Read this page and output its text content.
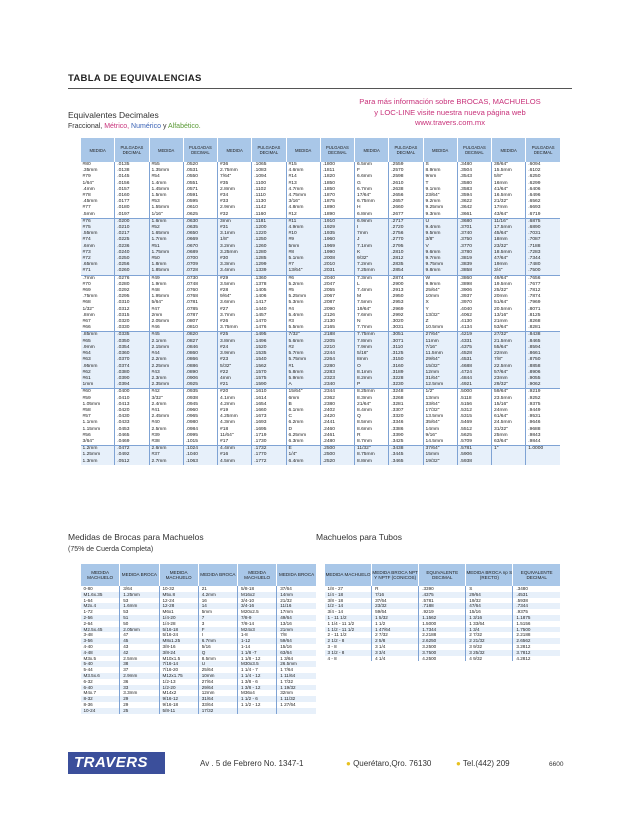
TABLA DE EQUIVALENCIAS
Equivalentes Decimales
Fraccional, Métrico, Numérico y Alfabético.
Para más información sobre BROCAS, MACHUELOS
y LOC-LINE visite nuestra nueva página web
www.travers.com.mx
MEDIDA	PULGADAS DECIMAL	MEDIDA	PULGADAS DECIMAL	MEDIDA	PULGADAS DECIMAL	MEDIDA	PULGADAS DECIMAL	MEDIDA	PULGADAS DECIMAL	MEDIDA	PULGADAS DECIMAL	MEDIDA	PULGADAS DECIMAL
#80	.0135	#55	.0520	#36	.1065	#15	.1800	6.5mm	.2559	S	.3480	39/64"	.6094
.35mm	.0138	1.35mm	.0531	2.75mm	.1083	4.6mm	.1811	F	.2570	8.9mm	.3504	15.5mm	.6102
#79	.0145	#54	.0550	7/64"	.1094	#14	.1820	6.6mm	.2598	9mm	.3543	5/8"	.6250
1/64"	.0156	1.4mm	.0551	#35	.1100	#13	.1850	G	.2610	T	.3580	16mm	.6299
.4mm	.0157	1.45mm	.0571	2.8mm	.1102	4.7mm	.1850	6.7mm	.2638	9.1mm	.3583	41/64"	.6406
#78	.0160	1.5mm	.0591	#34	.1110	4.75mm	.1870	17/64"	.2656	23/64"	.3594	16.5mm	.6496
.45mm	.0177	#53	.0595	#33	.1130	3/16"	.1875	6.75mm	.2657	9.2mm	.3622	21/32"	.6562
#77	.0180	1.55mm	.0610	2.9mm	.1142	4.8mm	.1890	H	.2660	9.25mm	.3642	17mm	.6693
.5mm	.0197	1/16"	.0625	#32	.1160	#12	.1890	6.8mm	.2677	9.3mm	.3661	43/64"	.6719
#76	.0200	1.6mm	.0630	3mm	.1181	#11	.1910	6.9mm	.2717	U	.3680	11/16"	.6875
#75	.0210	#52	.0635	#31	.1200	4.9mm	.1929	I	.2720	9.4mm	.3701	17.5mm	.6890
.55mm	.0217	1.65mm	.0650	3.1mm	.1220	#10	.1935	7mm	.2756	9.5mm	.3740	45/64"	.7031
#74	.0225	1.7mm	.0669	1/8"	.1250	#9	.1960	J	.2770	3/8"	.3750	18mm	.7087
.6mm	.0236	#51	.0670	3.2mm	.1260	5mm	.1969	7.1mm	.2795	V	.3770	23/32"	.7188
#73	.0240	1.75mm	.0689	3.25mm	.1280	#8	.1990	K	.2810	9.6mm	.3780	18.5mm	.7283
#72	.0250	#50	.0700	#30	.1285	5.1mm	.2008	9/32"	.2812	9.7mm	.3819	47/64"	.7344
.65mm	.0256	1.8mm	.0709	3.3mm	.1299	#7	.2010	7.2mm	.2835	9.75mm	.3839	19mm	.7480
#71	.0260	1.85mm	.0728	3.4mm	.1339	13/64"	.2031	7.25mm	.2854	9.8mm	.3858	3/4"	.7500
.7mm	.0276	#49	.0730	#29	.1360	#6	.2040	7.3mm	.2874	W	.3860	49/64"	.7656
#70	.0280	1.9mm	.0748	3.5mm	.1378	5.2mm	.2047	L	.2900	9.9mm	.3898	19.5mm	.7677
#69	.0292	#48	.0760	#28	.1405	#5	.2055	7.4mm	.2913	25/64"	.3906	25/32"	.7812
.75mm	.0295	1.95mm	.0768	9/64"	.1406	5.25mm	.2067	M	.2950	10mm	.3937	20mm	.7874
#68	.0310	5/64"	.0781	3.6mm	.1417	5.3mm	.2087	7.5mm	.2953	X	.3970	51/64"	.7969
1/32"	.0312	#47	.0785	#27	.1440	#4	.2090	19/64"	.2969	Y	.4040	20.5mm	.8071
.8mm	.0315	2mm	.0787	3.7mm	.1457	5.4mm	.2126	7.6mm	.2992	13/32"	.4062	13/16"	.8125
#67	.0320	2.05mm	.0807	#26	.1470	#3	.2130	N	.3020	Z	.4130	21mm	.8268
#66	.0330	#46	.0810	3.75mm	.1476	5.5mm	.2165	7.7mm	.3031	10.5mm	.4134	53/64"	.8281
.85mm	.0335	#45	.0820	#25	.1495	7/32"	.2188	7.75mm	.3051	27/64"	.4219	27/32"	.8438
#65	.0350	2.1mm	.0827	3.8mm	.1496	5.6mm	.2205	7.8mm	.3071	11mm	.4331	21.5mm	.8465
.9mm	.0354	2.15mm	.0846	#24	.1520	#2	.2210	7.9mm	.3110	7/16"	.4375	55/64"	.8594
#64	.0360	#44	.0860	3.9mm	.1535	5.7mm	.2244	5/16"	.3125	11.5mm	.4528	22mm	.8661
#63	.0370	2.2mm	.0866	#23	.1540	5.75mm	.2264	8mm	.3150	29/64"	.4531	7/8"	.8750
.95mm	.0374	2.25mm	.0886	5/32"	.1562	#1	.2280	O	.3160	15/32"	.4688	22.5mm	.8858
#62	.0380	#43	.0890	#22	.1570	5.8mm	.2283	8.1mm	.3189	12mm	.4724	57/64"	.8906
#61	.0390	2.3mm	.0906	4mm	.1575	5.9mm	.2323	8.2mm	.3228	31/64"	.4844	23mm	.9055
1mm	.0394	2.35mm	.0925	#21	.1590	A	.2340	P	.3230	12.5mm	.4921	29/32"	.9062
#60	.0400	#42	.0935	#20	.1610	15/64"	.2344	8.25mm	.3248	1/2"	.5000	59/64"	.9219
#59	.0410	3/32"	.0938	4.1mm	.1614	6mm	.2362	8.3mm	.3268	13mm	.5118	23.5mm	.9252
1.05mm	.0413	2.4mm	.0945	4.2mm	.1654	B	.2380	21/64"	.3281	33/64"	.5156	15/16"	.9375
#58	.0420	#41	.0960	#19	.1660	6.1mm	.2402	8.4mm	.3307	17/32"	.5312	24mm	.9449
#57	.0430	2.45mm	.0965	4.25mm	.1673	C	.2420	Q	.3320	13.5mm	.5315	61/64"	.9531
1.1mm	.0433	#40	.0980	4.3mm	.1693	6.2mm	.2441	8.5mm	.3346	35/64"	.5469	24.5mm	.9646
1.15mm	.0453	2.5mm	.0984	#18	.1695	D	.2460	8.6mm	.3386	14mm	.5512	31/32"	.9688
#56	.0465	#39	.0995	11/64"	.1719	6.25mm	.2461	R	.3390	9/16"	.5625	25mm	.9843
3/64"	.0469	#38	.1015	#17	.1730	6.3mm	.2480	8.7mm	.3425	14.5mm	.5709	63/64"	.9844
1.2mm	.0472	2.6mm	.1024	4.4mm	.1732	E	.2500	11/32"	.3438	37/64"	.5781	1"	1.0000
1.25mm	.0492	#37	.1040	#16	.1770	1/4"	.2500	8.75mm	.3445	15mm	.5906		
1.3mm	.0512	2.7mm	.1063	4.5mm	.1772	6.4mm	.2520	8.8mm	.3465	19/32"	.5938		
Medidas de Brocas para Machuelos
(75% de Cuerda Completa)
MEDIDA MACHUELO	MEDIDA BROCA	MEDIDA MACHUELO	MEDIDA BROCA	MEDIDA MACHUELO	MEDIDA BROCA
0-80	3/64	10-32	21	5/8-18	37/64
M1.6x.35	1.25mm	M5x.8	4.2mm	M16x2	14mm
1-64	53	12-24	16	3/4-10	21/32
M2x.4	1.6mm	12-28	14	3/4-16	11/16
1-72	53	M6x1	5mm	M20x2.5	17mm
2-56	51	1/4-20	7	7/8-9	49/64
2-64	50	1/4-28	3	7/8-14	13/16
M2.5x.45	2.05mm	5/16-18	F	M24x3	21mm
3-48	47	5/16-24	I	1-8	7/8
3-56	45	M8x1.25	6.7mm	1-12	59/64
4-40	43	3/8-16	5/16	1-14	15/16
4-48	42	3/8-24	Q	1 1/8 -7	63/64
M3x.5	2.5mm	M10x1.5	8.5mm	1 1/8 - 12	1 3/64
5-40	38	7/16-14	U	M30x3.5	26.5mm
5-44	37	7/16-20	25/64	1 1/4 - 7	1 7/64
M3.5x.6	2.9mm	M12x1.75	10mm	1 1/4 - 12	1 11/64
6-32	36	1/2-13	27/64	1 3/8 - 6	1 7/32
6-40	33	1/2-20	29/64	1 3/8 - 12	1 19/32
M4x.7	3.3mm	M14x2	12mm	M36x4	32mm
8-32	29	9/16-12	31/64	1 1/2 - 6	1 11/32
8-36	29	9/16-18	33/64	1 1/2 - 12	1 27/64
10-24	25	5/8-11	17/32		
Machuelos para Tubos
MEDIDA MACHUELO	MEDIDA BROCA NPT Y NPTF (CONICOS)	EQUIVALENTE DECIMAL	MEDIDA BROCA np S (RECTO)	EQUIVALENTE DECIMAL
1/8 - 27	R	.3390	S	.3480
1/4 - 18	7/16	.4375	29/64	.4531
3/8 - 18	37/64	.5781	19/32	.5938
1/2 - 14	23/32	.7188	47/64	.7344
3/4 - 14	59/64	.9219	15/16	.9375
1 - 11 1/2	1 5/32	1.1562	1 3/16	1.1875
1 1/4 - 11 1/2	1 1/2	1.5000	1 33/64	1.5156
1 1/2 - 11 1/2	1 47/64	1.7344	1 3/4	1.7500
2 - 11 1/2	2 7/32	2.2188	2 7/32	2.2188
2 1/2 - 8	2 5/8	2.6250	2 21/32	2.6562
3 - 8	3 1/4	3.2500	3 9/32	3.2812
3 1/2 - 8	3 3/4	3.7500	3 25/32	3.7812
4 - 8	4 1/4	4.2500	4 9/32	4.2812
TRAVERS	Av . 5 de Febrero No. 1347-1	● Querétaro,Qro. 76130	● Tel.(442) 209	6600
